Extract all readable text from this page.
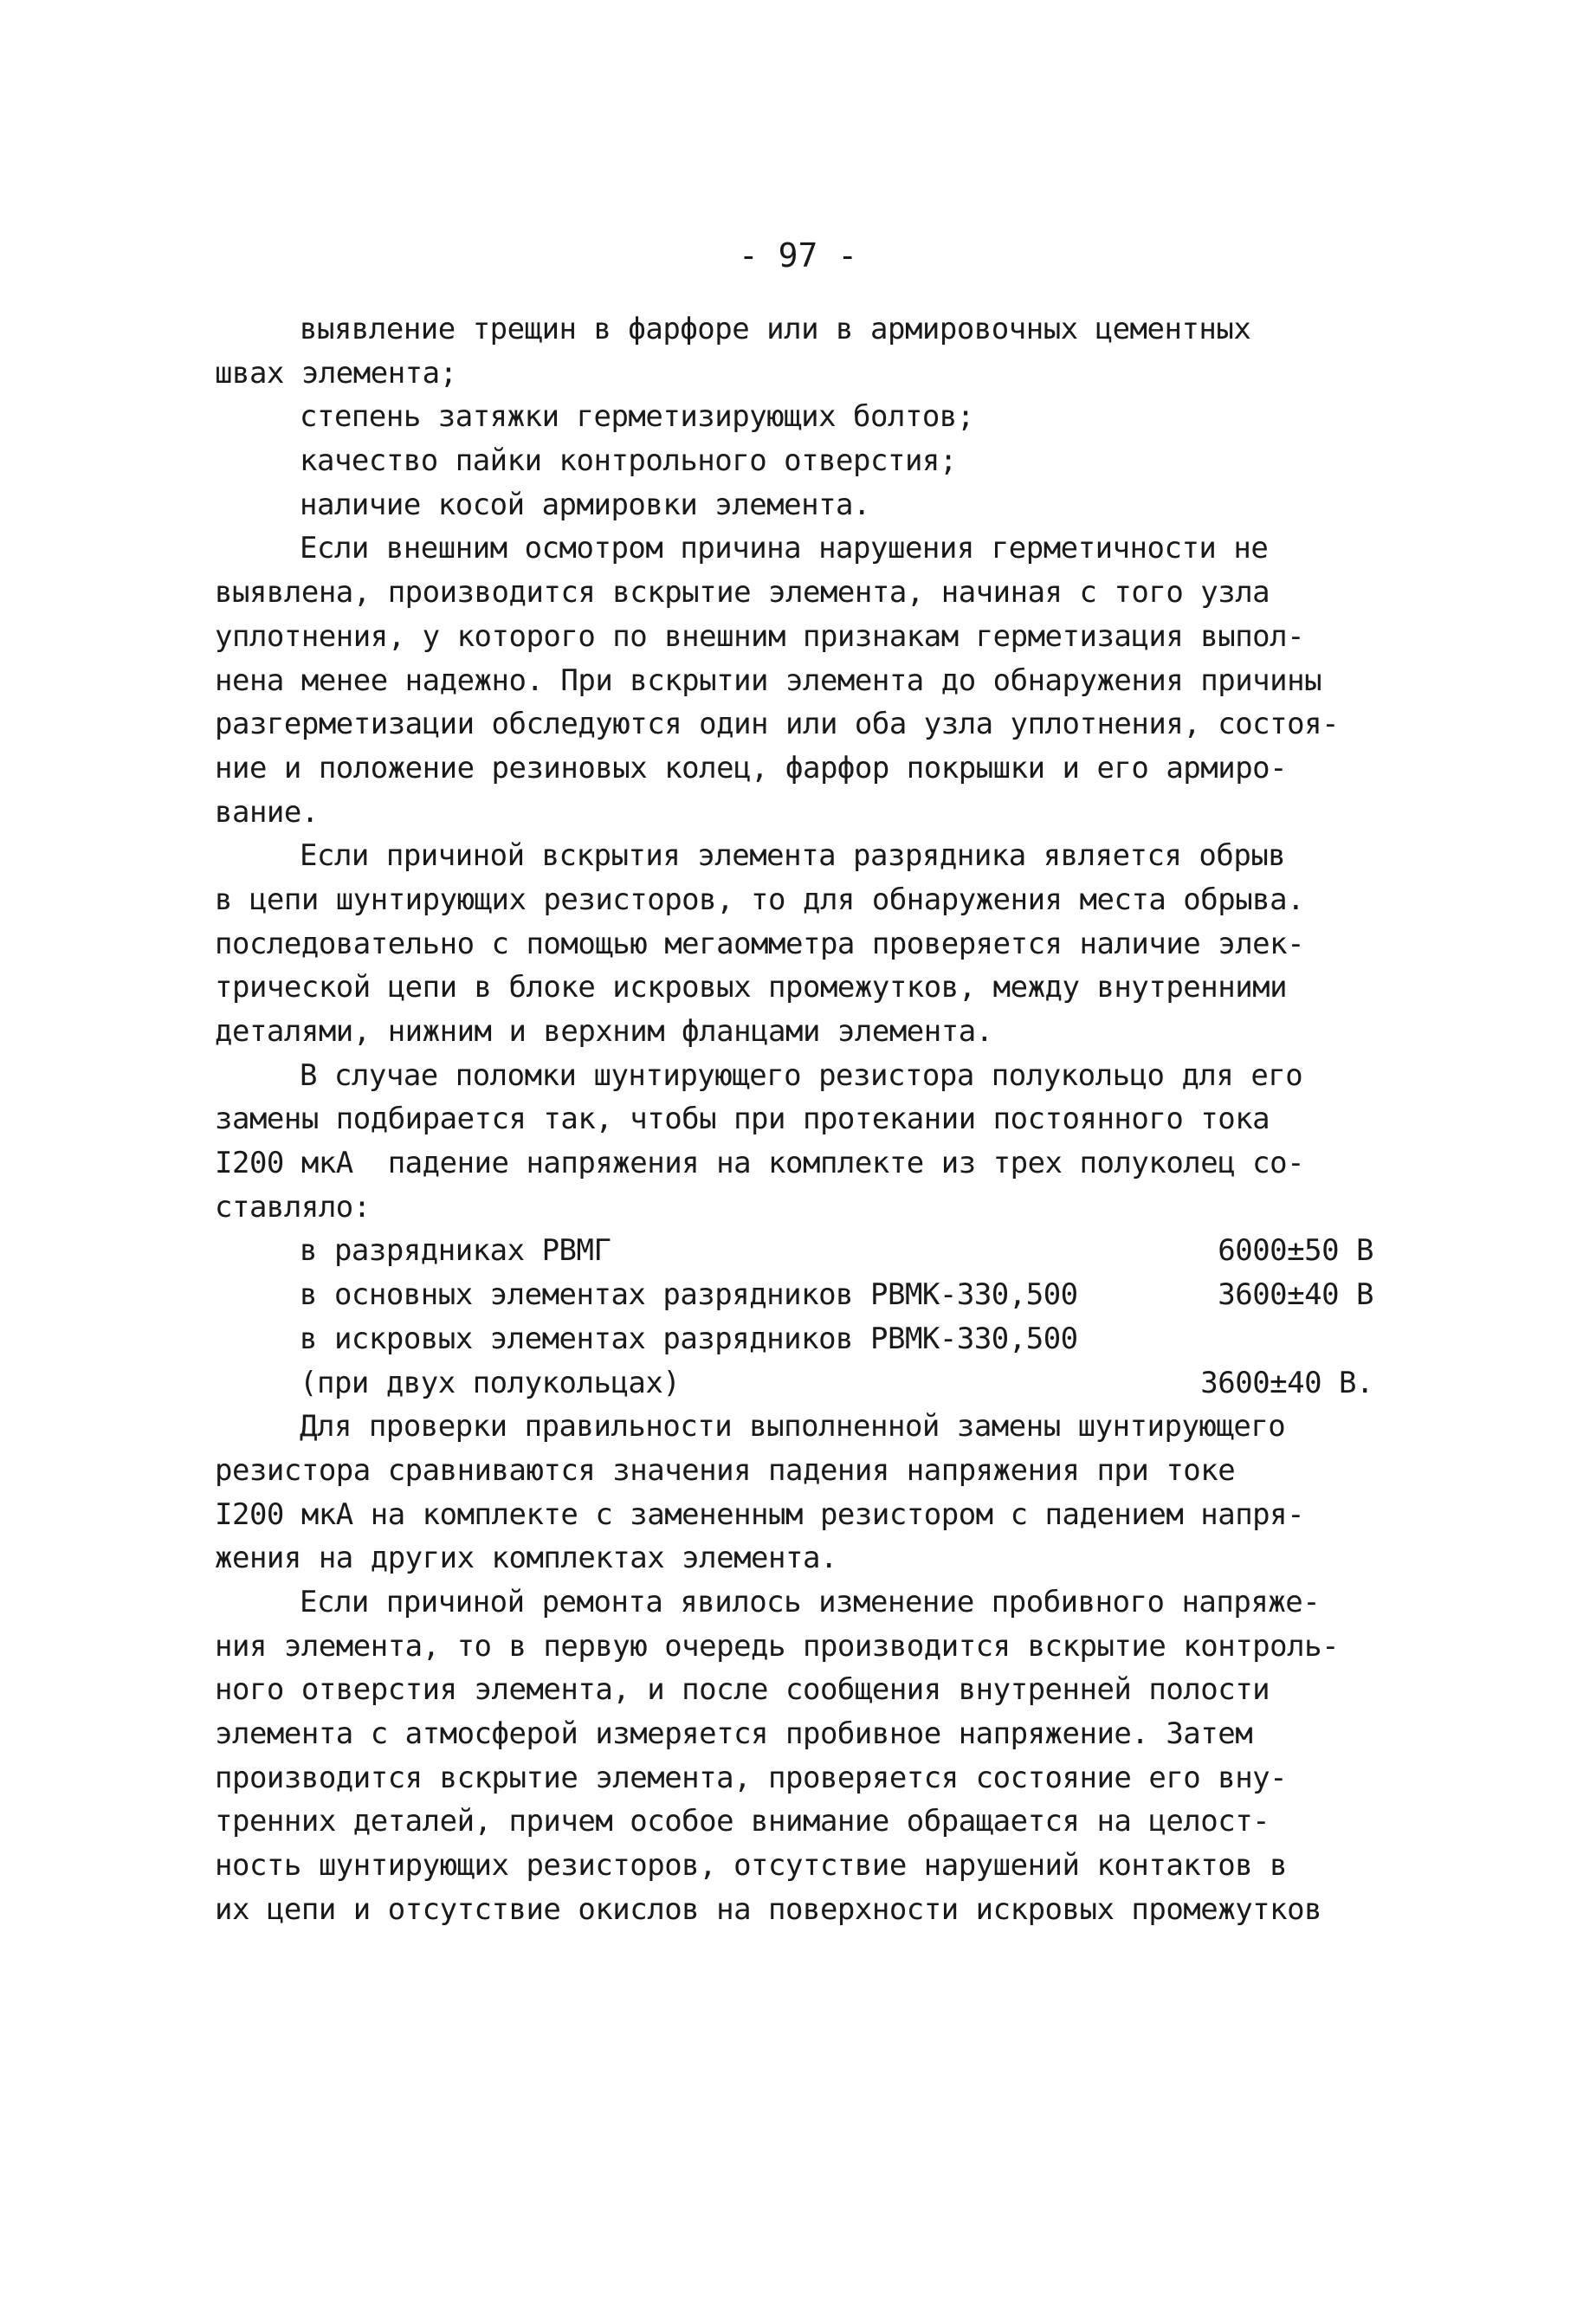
- 97 -
выявление трещин в фарфоре или в армировочных цементных
швах элемента;
степень затяжки герметизирующих болтов;
качество пайки контрольного отверстия;
наличие косой армировки элемента.
Если внешним осмотром причина нарушения герметичности не
выявлена, производится вскрытие элемента, начиная с того узла
уплотнения, у которого по внешним признакам герметизация выпол-
нена менее надежно. При вскрытии элемента до обнаружения причины
разгерметизации обследуются один или оба узла уплотнения, состоя-
ние и положение резиновых колец, фарфор покрышки и его армиро-
вание.
Если причиной вскрытия элемента разрядника является обрыв
в цепи шунтирующих резисторов, то для обнаружения места обрыва.
последовательно с помощью мегаомметра проверяется наличие элек-
трической цепи в блоке искровых промежутков, между внутренними
деталями, нижним и верхним фланцами элемента.
В случае поломки шунтирующего резистора полукольцо для его
замены подбирается так, чтобы при протекании постоянного тока
I200 мкА  падение напряжения на комплекте из трех полуколец со-
ставляло:
в разрядниках РВМГ	6000±50 В
в основных элементах разрядников РВМК-330,500	3600±40 В
в искровых элементах разрядников РВМК-330,500
(при двух полукольцах)	3600±40 В.
Для проверки правильности выполненной замены шунтирующего
резистора сравниваются значения падения напряжения при токе
I200 мкА на комплекте с замененным резистором с падением напря-
жения на других комплектах элемента.
Если причиной ремонта явилось изменение пробивного напряже-
ния элемента, то в первую очередь производится вскрытие контроль-
ного отверстия элемента, и после сообщения внутренней полости
элемента с атмосферой измеряется пробивное напряжение. Затем
производится вскрытие элемента, проверяется состояние его вну-
тренних деталей, причем особое внимание обращается на целост-
ность шунтирующих резисторов, отсутствие нарушений контактов в
их цепи и отсутствие окислов на поверхности искровых промежутков
